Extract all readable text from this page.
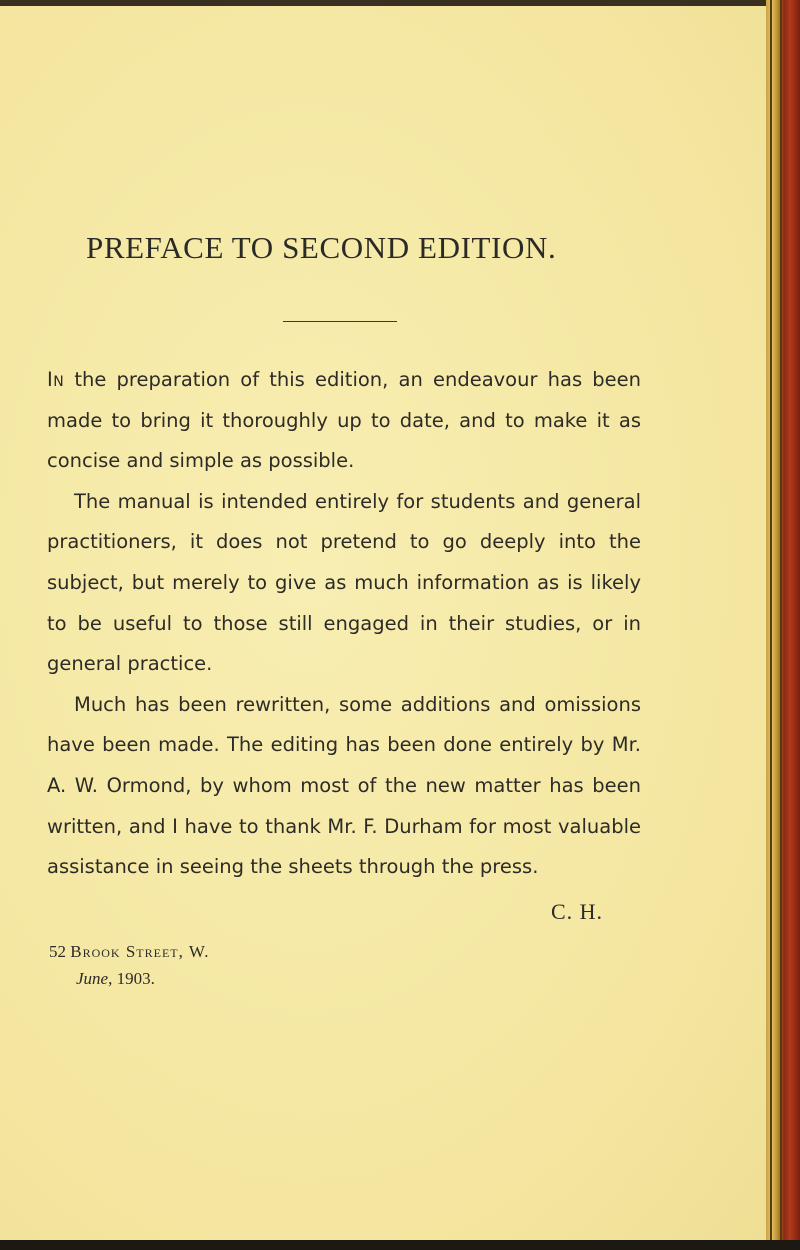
PREFACE TO SECOND EDITION.

In the preparation of this edition, an endeavour has been made to bring it thoroughly up to date, and to make it as concise and simple as possible.

The manual is intended entirely for students and general practitioners, it does not pretend to go deeply into the subject, but merely to give as much information as is likely to be useful to those still engaged in their studies, or in general practice.

Much has been rewritten, some additions and omissions have been made. The editing has been done entirely by Mr. A. W. Ormond, by whom most of the new matter has been written, and I have to thank Mr. F. Durham for most valuable assistance in seeing the sheets through the press.

C. H.
52 Brook Street, W.
June, 1903.
